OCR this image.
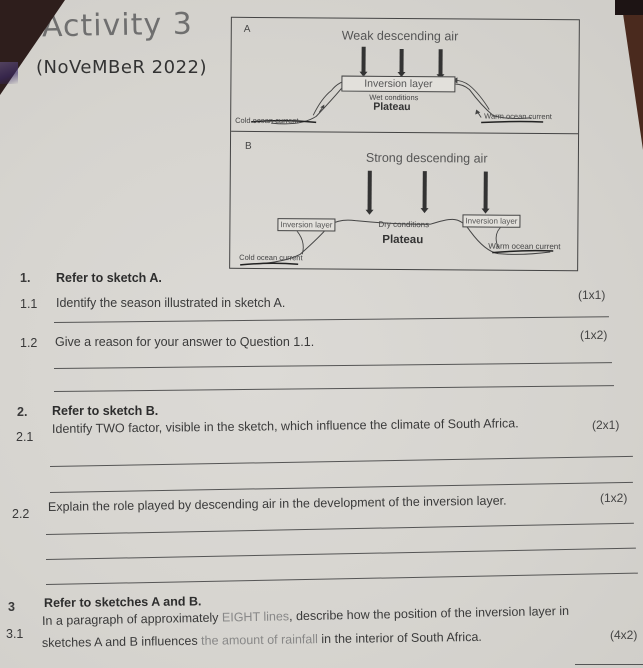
Activity 3
(NoVeMBeR 2022)
A	Weak descending air
Inversion layer
Wet conditions
Plateau
Cold ocean current	Warm ocean current
B
Strong descending air
Inversion layer	Inversion layer
Dry conditions
Plateau
Cold ocean current
Warm ocean current
1. Refer to sketch A.
1.1 Identify the season illustrated in sketch A.
(1x1)
1.2 Give a reason for your answer to Question 1.1.	(1x2)
2. Refer to sketch B.
2.1
Identify TWO factor, visible in the sketch, which influence the climate of South Africa.	(2x1)
2.2
Explain the role played by descending air in the development of the inversion layer.	(1x2)
3 Refer to sketches A and B.
3.1
In a paragraph of approximately EIGHT lines, describe how the position of the inversion layer in
sketches A and B influences the amount of rainfall in the interior of South Africa.	(4x2)
